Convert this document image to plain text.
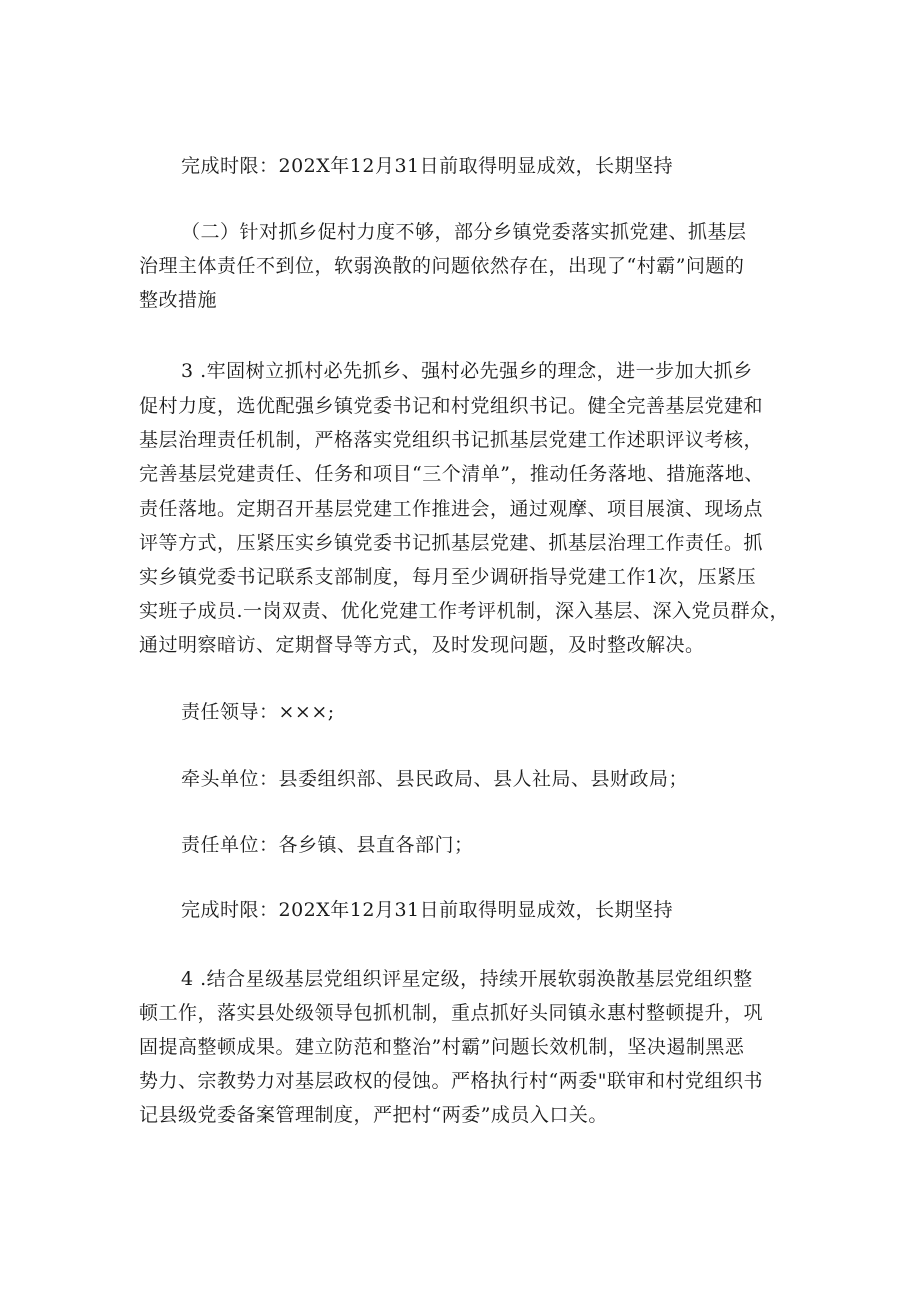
完成时限：202X年12月31日前取得明显成效，长期坚持
（二）针对抓乡促村力度不够，部分乡镇党委落实抓党建、抓基层
治理主体责任不到位，软弱涣散的问题依然存在，出现了“村霸”问题的
整改措施
3 .牢固树立抓村必先抓乡、强村必先强乡的理念，进一步加大抓乡
促村力度，选优配强乡镇党委书记和村党组织书记。健全完善基层党建和
基层治理责任机制，严格落实党组织书记抓基层党建工作述职评议考核，
完善基层党建责任、任务和项目“三个清单”，推动任务落地、措施落地、
责任落地。定期召开基层党建工作推进会，通过观摩、项目展演、现场点
评等方式，压紧压实乡镇党委书记抓基层党建、抓基层治理工作责任。抓
实乡镇党委书记联系支部制度，每月至少调研指导党建工作1次，压紧压
实班子成员.一岗双责、优化党建工作考评机制，深入基层、深入党员群众，
通过明察暗访、定期督导等方式，及时发现问题，及时整改解决。
责任领导：×××;
牵头单位：县委组织部、县民政局、县人社局、县财政局；
责任单位：各乡镇、县直各部门；
完成时限：202X年12月31日前取得明显成效，长期坚持
4 .结合星级基层党组织评星定级，持续开展软弱涣散基层党组织整
顿工作，落实县处级领导包抓机制，重点抓好头同镇永惠村整顿提升，巩
固提高整顿成果。建立防范和整治”村霸”问题长效机制，坚决遏制黑恶
势力、宗教势力对基层政权的侵蚀。严格执行村“两委"联审和村党组织书
记县级党委备案管理制度，严把村“两委”成员入口关。
